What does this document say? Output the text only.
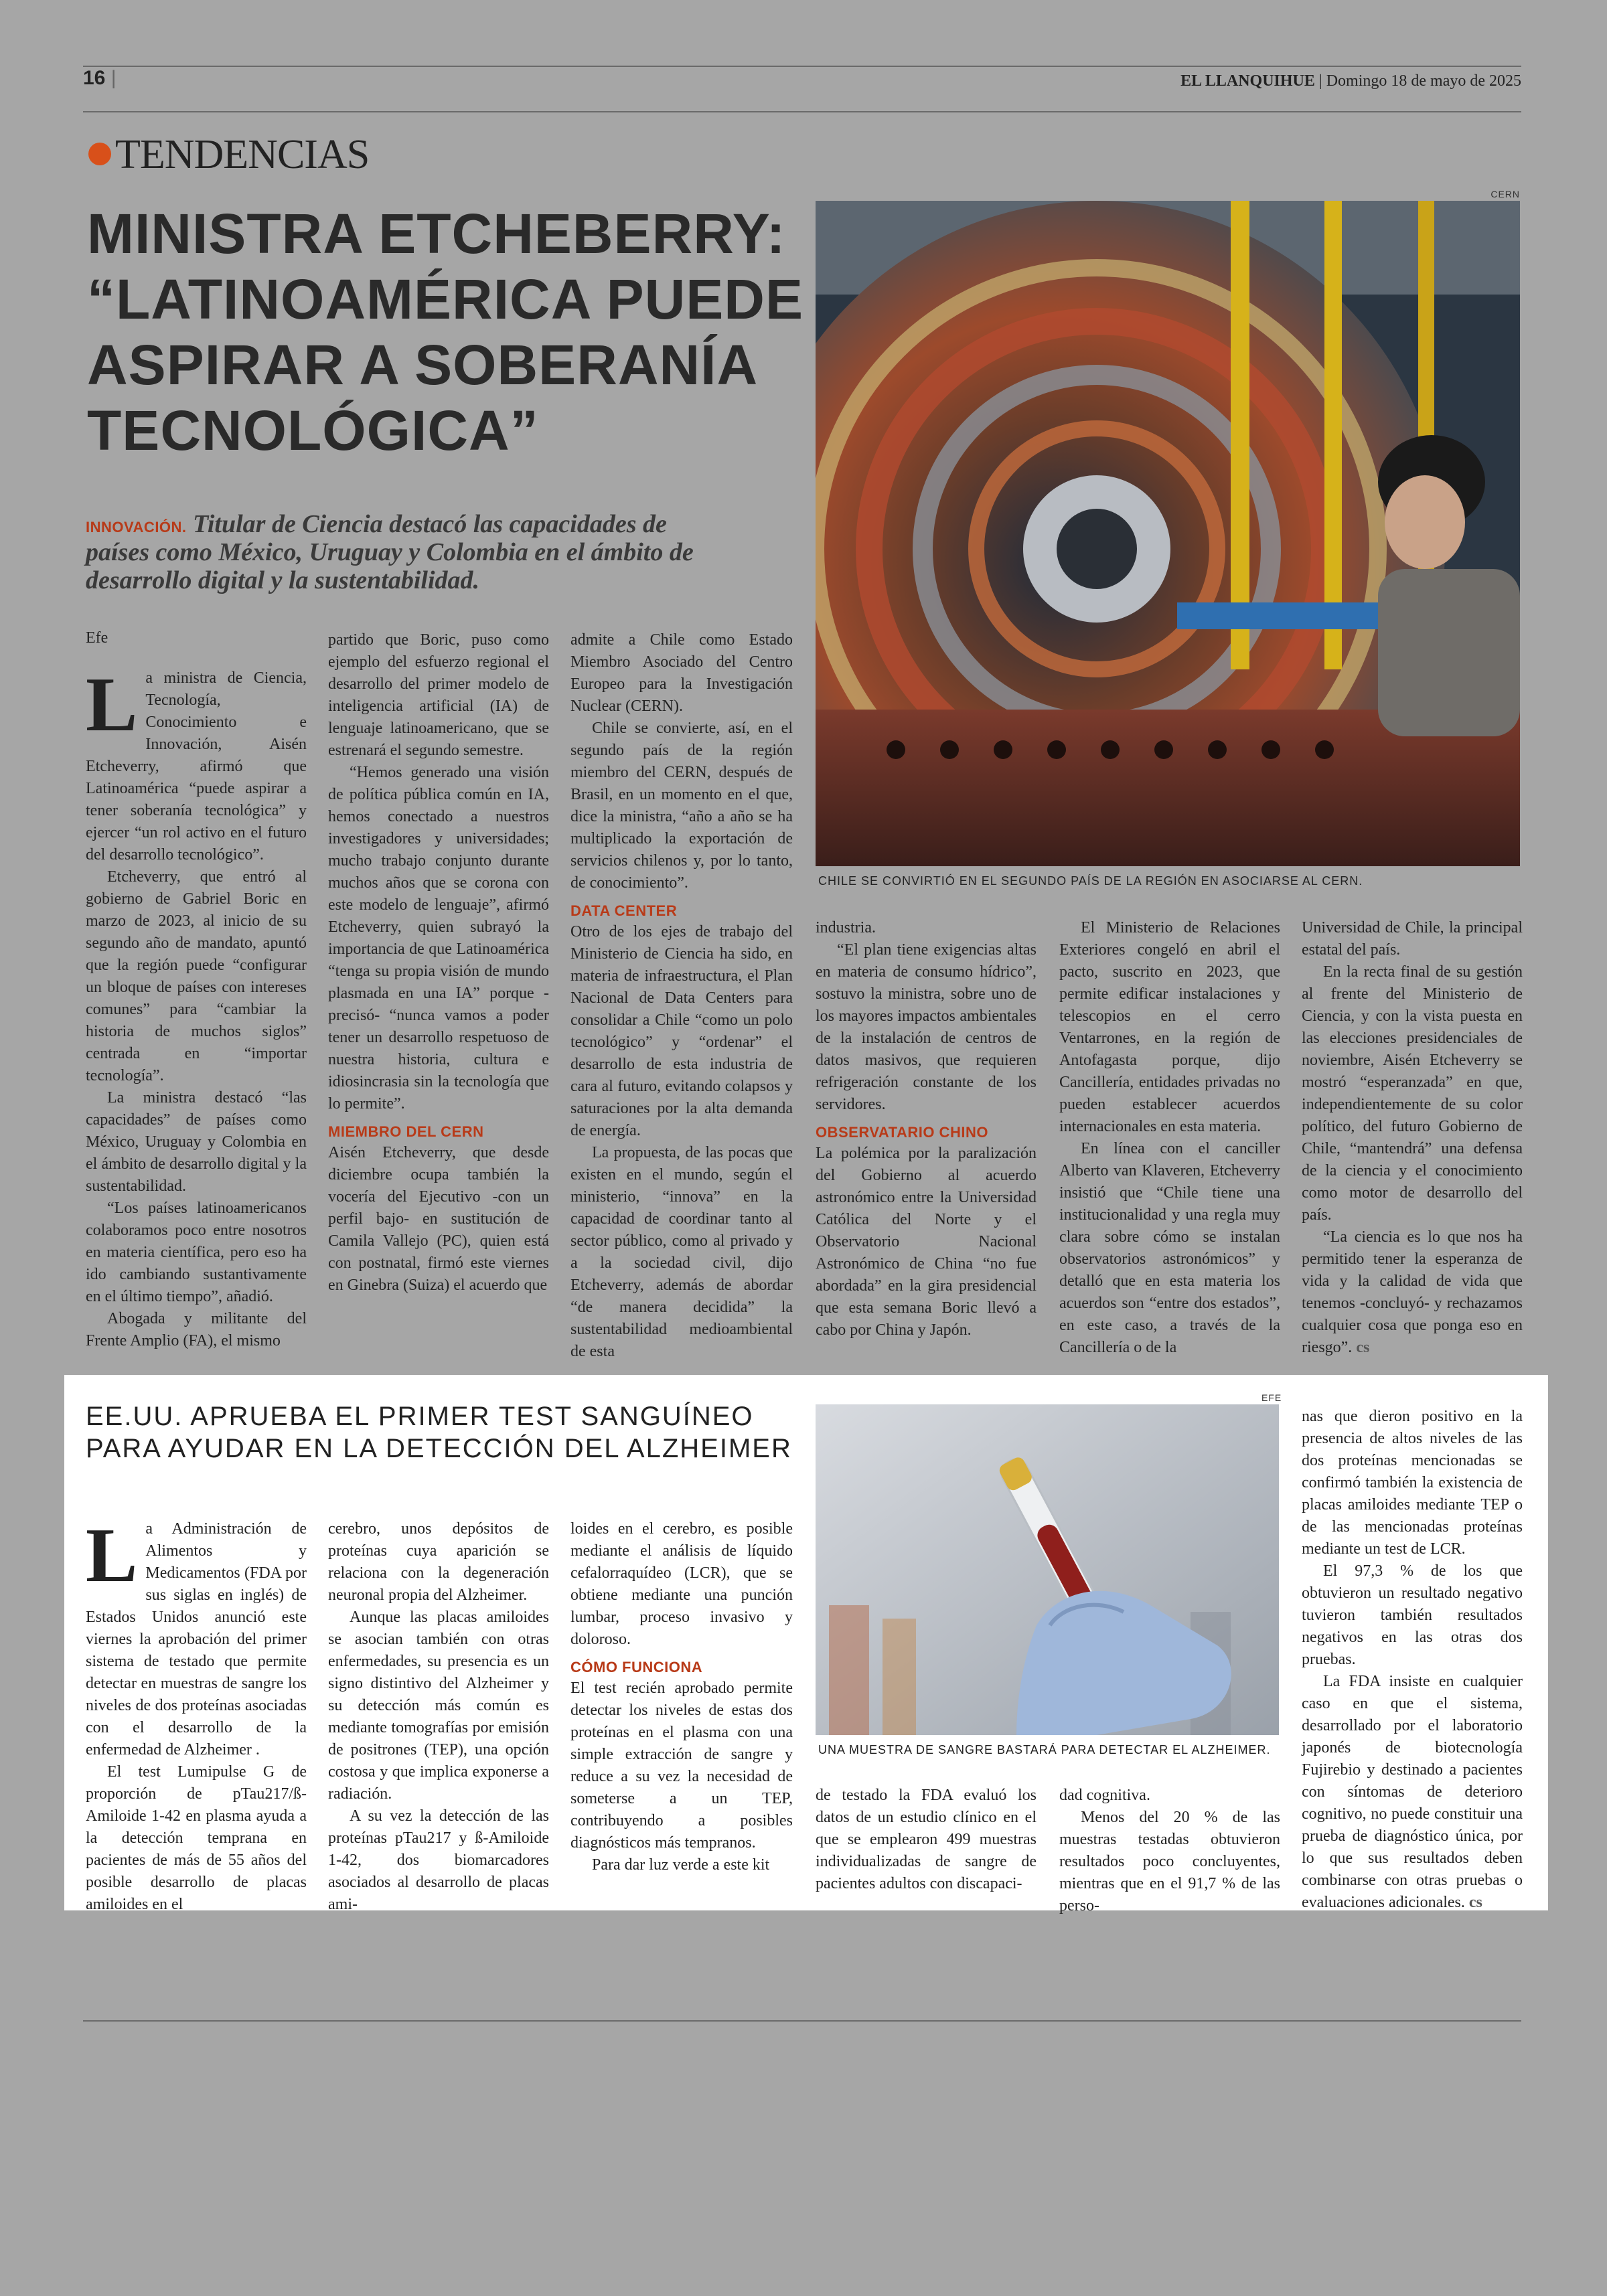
16 |	EL LLANQUIHUE | Domingo 18 de mayo de 2025
TENDENCIAS
MINISTRA ETCHEBERRY: “LATINOAMÉRICA PUEDE ASPIRAR A SOBERANÍA TECNOLÓGICA”
INNOVACIÓN. Titular de Ciencia destacó las capacidades de países como México, Uruguay y Colombia en el ámbito de desarrollo digital y la sustentabilidad.
CERN
CHILE SE CONVIRTIÓ EN EL SEGUNDO PAÍS DE LA REGIÓN EN ASOCIARSE AL CERN.
Efe

La ministra de Ciencia, Tecnología, Conocimiento e Innovación, Aisén Etcheverry, afirmó que Latinoamérica “puede aspirar a tener soberanía tecnológica” y ejercer “un rol activo en el futuro del desarrollo tecnológico”.

Etcheverry, que entró al gobierno de Gabriel Boric en marzo de 2023, al inicio de su segundo año de mandato, apuntó que la región puede “configurar un bloque de países con intereses comunes” para “cambiar la historia de muchos siglos” centrada en “importar tecnología”.

La ministra destacó “las capacidades” de países como México, Uruguay y Colombia en el ámbito de desarrollo digital y la sustentabilidad.

“Los países latinoamericanos colaboramos poco entre nosotros en materia científica, pero eso ha ido cambiando sustantivamente en el último tiempo”, añadió.

Abogada y militante del Frente Amplio (FA), el mismo

partido que Boric, puso como ejemplo del esfuerzo regional el desarrollo del primer modelo de inteligencia artificial (IA) de lenguaje latinoamericano, que se estrenará el segundo semestre.

“Hemos generado una visión de política pública común en IA, hemos conectado a nuestros investigadores y universidades; mucho trabajo conjunto durante muchos años que se corona con este modelo de lenguaje”, afirmó Etcheverry, quien subrayó la importancia de que Latinoamérica “tenga su propia visión de mundo plasmada en una IA” porque -precisó- “nunca vamos a poder tener un desarrollo respetuoso de nuestra historia, cultura e idiosincrasia sin la tecnología que lo permite”.

MIEMBRO DEL CERN

Aisén Etcheverry, que desde diciembre ocupa también la vocería del Ejecutivo -con un perfil bajo- en sustitución de Camila Vallejo (PC), quien está con postnatal, firmó este viernes en Ginebra (Suiza) el acuerdo que

admite a Chile como Estado Miembro Asociado del Centro Europeo para la Investigación Nuclear (CERN).

Chile se convierte, así, en el segundo país de la región miembro del CERN, después de Brasil, en un momento en el que, dice la ministra, “año a año se ha multiplicado la exportación de servicios chilenos y, por lo tanto, de conocimiento”.

DATA CENTER

Otro de los ejes de trabajo del Ministerio de Ciencia ha sido, en materia de infraestructura, el Plan Nacional de Data Centers para consolidar a Chile “como un polo tecnológico” y “ordenar” el desarrollo de esta industria de cara al futuro, evitando colapsos y saturaciones por la alta demanda de energía.

La propuesta, de las pocas que existen en el mundo, según el ministerio, “innova” en la capacidad de coordinar tanto al sector público, como al privado y a la sociedad civil, dijo Etcheverry, además de abordar “de manera decidida” la sustentabilidad medioambiental de esta

industria.

“El plan tiene exigencias altas en materia de consumo hídrico”, sostuvo la ministra, sobre uno de los mayores impactos ambientales de la instalación de centros de datos masivos, que requieren refrigeración constante de los servidores.

OBSERVATARIO CHINO

La polémica por la paralización del Gobierno al acuerdo astronómico entre la Universidad Católica del Norte y el Observatorio Nacional Astronómico de China “no fue abordada” en la gira presidencial que esta semana Boric llevó a cabo por China y Japón.

El Ministerio de Relaciones Exteriores congeló en abril el pacto, suscrito en 2023, que permite edificar instalaciones y telescopios en el cerro Ventarrones, en la región de Antofagasta porque, dijo Cancillería, entidades privadas no pueden establecer acuerdos internacionales en esta materia.

En línea con el canciller Alberto van Klaveren, Etcheverry insistió que “Chile tiene una institucionalidad y una regla muy clara sobre cómo se instalan observatorios astronómicos” y detalló que en esta materia los acuerdos son “entre dos estados”, en este caso, a través de la Cancillería o de la

Universidad de Chile, la principal estatal del país.

En la recta final de su gestión al frente del Ministerio de Ciencia, y con la vista puesta en las elecciones presidenciales de noviembre, Aisén Etcheverry se mostró “esperanzada” en que, independientemente de su color político, del futuro Gobierno de Chile, “mantendrá” una defensa de la ciencia y el conocimiento como motor de desarrollo del país.

“La ciencia es lo que nos ha permitido tener la esperanza de vida y la calidad de vida que tenemos -concluyó- y rechazamos cualquier cosa que ponga eso en riesgo”. cs

EE.UU. APRUEBA EL PRIMER TEST SANGUÍNEO PARA AYUDAR EN LA DETECCIÓN DEL ALZHEIMER
EFE
UNA MUESTRA DE SANGRE BASTARÁ PARA DETECTAR EL ALZHEIMER.

La Administración de Alimentos y Medicamentos (FDA por sus siglas en inglés) de Estados Unidos anunció este viernes la aprobación del primer sistema de testado que permite detectar en muestras de sangre los niveles de dos proteínas asociadas con el desarrollo de la enfermedad de Alzheimer .

El test Lumipulse G de proporción de pTau217/ß-Amiloide 1-42 en plasma ayuda a la detección temprana en pacientes de más de 55 años del posible desarrollo de placas amiloides en el

cerebro, unos depósitos de proteínas cuya aparición se relaciona con la degeneración neuronal propia del Alzheimer.

Aunque las placas amiloides se asocian también con otras enfermedades, su presencia es un signo distintivo del Alzheimer y su detección más común es mediante tomografías por emisión de positrones (TEP), una opción costosa y que implica exponerse a radiación.

A su vez la detección de las proteínas pTau217 y ß-Amiloide 1-42, dos biomarcadores asociados al desarrollo de placas ami-

loides en el cerebro, es posible mediante el análisis de líquido cefalorraquídeo (LCR), que se obtiene mediante una punción lumbar, proceso invasivo y doloroso.

CÓMO FUNCIONA

El test recién aprobado permite detectar los niveles de estas dos proteínas en el plasma con una simple extracción de sangre y reduce a su vez la necesidad de someterse a un TEP, contribuyendo a posibles diagnósticos más tempranos.

Para dar luz verde a este kit

de testado la FDA evaluó los datos de un estudio clínico en el que se emplearon 499 muestras individualizadas de sangre de pacientes adultos con discapaci-

dad cognitiva.

Menos del 20 % de las muestras testadas obtuvieron resultados poco concluyentes, mientras que en el 91,7 % de las perso-

nas que dieron positivo en la presencia de altos niveles de las dos proteínas mencionadas se confirmó también la existencia de placas amiloides mediante TEP o de las mencionadas proteínas mediante un test de LCR.

El 97,3 % de los que obtuvieron un resultado negativo tuvieron también resultados negativos en las otras dos pruebas.

La FDA insiste en cualquier caso en que el sistema, desarrollado por el laboratorio japonés de biotecnología Fujirebio y destinado a pacientes con síntomas de deterioro cognitivo, no puede constituir una prueba de diagnóstico única, por lo que sus resultados deben combinarse con otras pruebas o evaluaciones adicionales. cs
